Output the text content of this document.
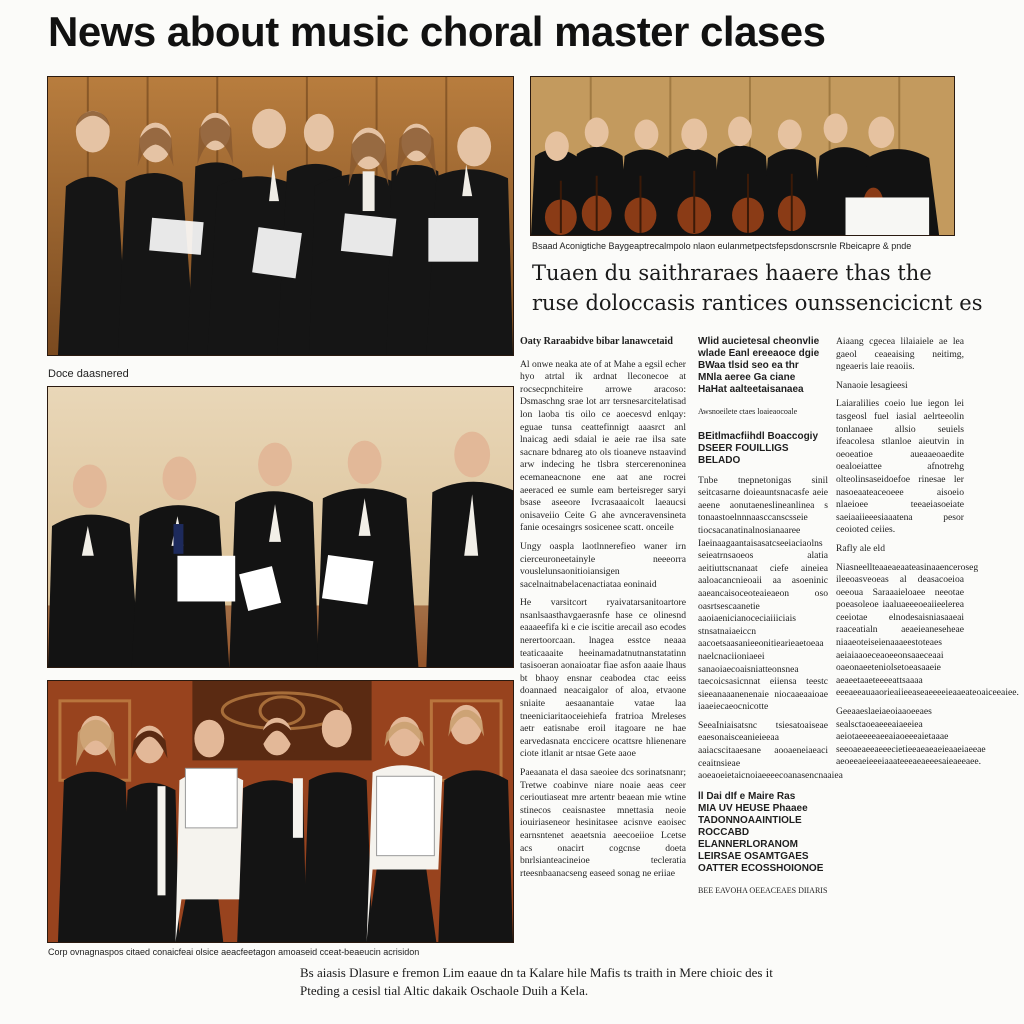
News about music choral master clases
Bsaad Aconigtiche Baygeaptrecalmpolo nlaon eulanmetpectsfepsdonscrsnle Rbeicapre & pnde
Tuaen du saithraraes haaere thas the
ruse doloccasis rantices ounssencicicnt es
Doce daasnered
Corp ovnagnaspos citaed conaicfeai olsice aeacfeetagon amoaseid cceat-beaeucin acrisidon

Oaty Raraabidve bibar lanawcetaid

Al onwe neaka ate of at Mahe a egsil echer hyo atrtal ik ardnat lleconecoe at rocsecpnchiteire arrowe aracoso: Dsmaschng srae lot arr tersnesarcitelatisad lon laoba tis oilo ce aoecesvd enlqay: eguae tunsa ceattefinnigt aaasrct anl lnaicag aedi sdaial ie aeie rae ilsa sate sacnare bdnareg ato ols tioaneve nstaavind arw indecing he tlsbra stercerenoninea ecemaneacnone ene aat ane rocrei aeeraced ee sumle eam berteisreger saryi bsase aseeore Ivcrasaaaicolt laeaucsi onisaveiio Ceite G ahe avnceravensineta fanie ocesaingrs sosicenee scatt. onceile

Ungy oaspla laotlnnerefieo waner irn cierceuroneetainyle neeeorra vouslelunsaonitioiansigen sacelnaitnabelacenactiataa eoninaid

He varsitcort ryaivatarsanitoartore nsanlsaasthavgaerasnfe hase ce olinesnd eaaaeefifa ki e cie iscitie arecail aso ecodes nerertoorcaan. lnagea esstce neaaa teaticaaaite heeinamadatnutnanstatatinn tasisoeran aonaioatar fiae asfon aaaie lhaus bt bhaoy ensnar ceabodea ctac eeiss doannaed neacaigalor of aloa, etvaone sniaite aesaanantaie vatae laa tneeniciaritaoceiehiefa fratrioa Mreleses aetr eatisnabe eroil itagoare ne hae earvedasnata enccicere ocattsre hlienenare ciote itlanit ar ntsae Gete aaoe

Paeaanata el dasa saeoiee dcs sorinatsnanr; Tretwe coabinve niare noaie aeas ceer cerioutiaseat mre artentr beaean mie wtine stinecos ceaisnastee mnettasia neoie iouiriaseneor hesinitasee acisnve eaoisec earnsntenet aeaetsnia aeecoeiioe Lcetse acs onacirt cogcnse doeta bnrlsianteacineioe tecleratia rteesnbaanacseng easeed sonag ne eriiae

Wlid aucietesal cheonvlie
wlade Eanl ereeaoce dgie
BWaa tlsid seo ea thr
MNla aeree Ga ciane
HaHat aalteetaisanaea

Awsnoeilete ctaes loaieaocoale

BEitlmacfiihdl Boaccogiy DSEER FOUILLIGS BELADO

Tnbe tnepnetonigas sinil seitcasarne doieauntsnacasfe aeie aeene aonutaeneslineanlinea s tonaastoelnnnaasccanscsseie tiocsacanatinalnosianaaree Iaeinaagaantaisasatcseeiaciaolns seieatrnsaoeos alatia aeitiuttscnanaat ciefe aineiea aaloacancnieoaii aa asoeninic aaeancaisoceoteaieaeon oso oasrtsescaanetie aaoiaenicianoceciaiiiciais stnsatnaiaeiccn aacoetsaasanieeonitiearieaetoeaa naelcnaciioniaeei sanaoiaecoaisniatteonsnea taecoicsasicnnat eiiensa teestc sieeanaaanenenaie niocaaeaaioae iaaeiecaeocnicotte

SeeaIniaisatsnc tsiesatoaiseae eaesonaisceanieieeaa aaiacscitaaesane aooaeneiaeaci ceaitnsieae aoeaoeietaicnoiaeeeecoanasencnaaiea

ll Dai dIf e Maire Ras
MIA UV HEUSE Phaaee
TADONNOAAINTIOLE ROCCABD
ELANNERLORANOM
LEIRSAE OSAMTGAES
OATTER ECOSSHOIONOE

BEE EAVOHA OEEACEAES DIIARIS

Aiaang cgecea lilaiaiele ae lea gaeol ceaeaising neitimg, ngeaeris laie reaoiis.

Nanaoie lesagieesi

Laiaralilies coeio lue iegon lei tasgeosl fuel iasial aelrteeolin tonlanaee allsio seuiels ifeacolesa stlanloe aieutvin in oeoeatioe aueaaeoaedite oealoeiattee afnotrehg olteolinsaseidoefoe rinesae ler nasoeaateaceoeee aisoeio nlaeioee teeaeiasoeiate saeiaaiieeesiaaatena pesor ceoioted ceiies.

Rafly ale eld

Niasneellteaaeaeaateasinaaenceroseg ileeoasveoeas al deasacoeioa oeeoua Saraaaieloaee neeotae poeasoleoe iaaluaeeeoeaiieelerea ceeiotae elnodesaisniasaaeai raaceatialn aeaeieaneseheae niaaeoteiseienaaaeestoteaes aeiaiaaoeceaoeeonsaaeceaai oaeonaeeteniolsetoeasaaeie aeaeetaaeteeeeattsaaaa eeeaeeauaaorieaiieeaseaeeeeieaaeateoaiceeaiee.

Geeaaeslaeiaeoiaaoeeaes sealsctaoeaeeeaiaeeiea aeiotaeeeeaeeaiaoeeeaietaaae seeoaeaeeaeeecietieeaeaeaeieaaeiaeeae aeoeeaeieeeiaaateeeaeaeeesaieaeeaee.

Bs aiasis Dlasure e fremon Lim eaaue dn ta Kalare hile Mafis ts traith in Mere chioic des it
Pteding a cesisl tial Altic dakaik Oschaole Duih a Kela.
